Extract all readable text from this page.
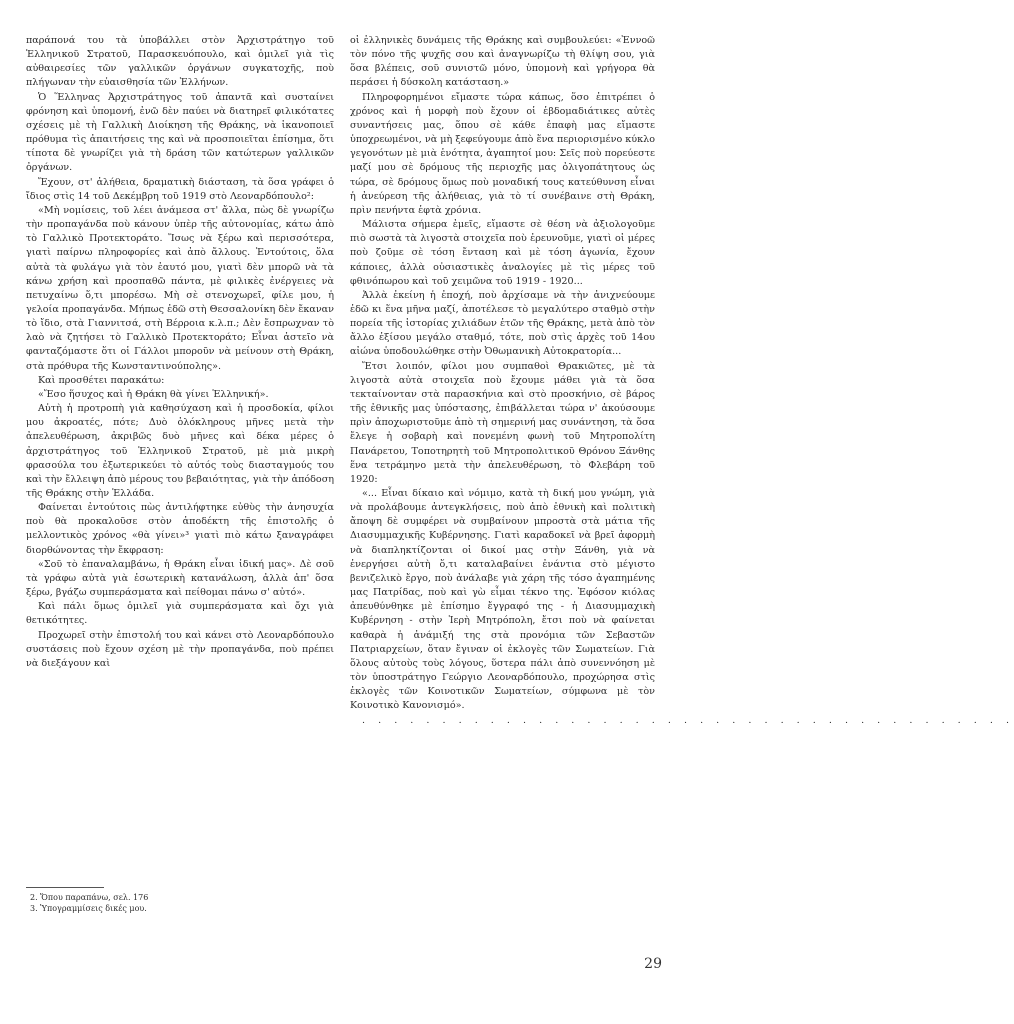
παράπονά του τὰ ὑποβάλλει στὸν Ἀρχιστράτηγο τοῦ Ἑλληνικοῦ Στρατοῦ, Παρασκευόπουλο, καὶ ὁμιλεῖ γιὰ τὶς αὐθαιρεσίες τῶν γαλλικῶν ὀργάνων συγκατοχῆς, ποὺ πλήγωναν τὴν εὐαισθησία τῶν Ἑλλήνων.

Ὁ Ἕλληνας Ἀρχιστράτηγος τοῦ ἀπαντᾶ καὶ συσταίνει φρόνηση καὶ ὑπομονή, ἐνῶ δὲν παύει νὰ διατηρεῖ φιλικότατες σχέσεις μὲ τὴ Γαλλικὴ Διοίκηση τῆς Θράκης, νὰ ἱκανοποιεῖ πρόθυμα τὶς ἀπαιτήσεις της καὶ νὰ προσποιεῖται ἐπίσημα, ὅτι τίποτα δὲ γνωρίζει γιὰ τὴ δράση τῶν κατώτερων γαλλικῶν ὀργάνων.

Ἔχουν, στ' ἀλήθεια, δραματικὴ διάσταση, τὰ ὅσα γράφει ὁ ἴδιος στὶς 14 τοῦ Δεκέμβρη τοῦ 1919 στὸ Λεοναρδόπουλο²:

«Μὴ νομίσεις, τοῦ λέει ἀνάμεσα στ' ἄλλα, πὼς δὲ γνωρίζω τὴν προπαγάνδα ποὺ κάνουν ὑπὲρ τῆς αὐτονομίας, κάτω ἀπὸ τὸ Γαλλικὸ Προτεκτοράτο. Ἴσως νὰ ξέρω καὶ περισσότερα, γιατὶ παίρνω πληροφορίες καὶ ἀπὸ ἄλλους. Ἐντούτοις, ὅλα αὐτὰ τὰ φυλάγω γιὰ τὸν ἑαυτό μου, γιατὶ δὲν μπορῶ νὰ τὰ κάνω χρήση καὶ προσπαθῶ πάντα, μὲ φιλικὲς ἐνέργειες νὰ πετυχαίνω ὅ,τι μπορέσω. Μὴ σὲ στενοχωρεῖ, φίλε μου, ἡ γελοία προπαγάνδα. Μήπως ἐδῶ στὴ Θεσσαλονίκη δὲν ἔκαναν τὸ ἴδιο, στὰ Γιαννιτσά, στὴ Βέρροια κ.λ.π.; Δὲν ἔσπρωχναν τὸ λαὸ νὰ ζητήσει τὸ Γαλλικὸ Προτεκτοράτο; Εἶναι ἀστεῖο νὰ φανταζόμαστε ὅτι οἱ Γάλλοι μποροῦν νὰ μείνουν στὴ Θράκη, στὰ πρόθυρα τῆς Κωνσταντινούπολης».

Καὶ προσθέτει παρακάτω:

«Ἔσο ἥσυχος καὶ ἡ Θράκη θὰ γίνει Ἑλληνική».

Αὐτὴ ἡ προτροπὴ γιὰ καθησύχαση καὶ ἡ προσδοκία, φίλοι μου ἀκροατές, πότε; Δυὸ ὁλόκληρους μῆνες μετὰ τὴν ἀπελευθέρωση, ἀκριβῶς δυὸ μῆνες καὶ δέκα μέρες ὁ ἀρχιστράτηγος τοῦ Ἑλληνικοῦ Στρατοῦ, μὲ μιὰ μικρὴ φρασούλα του ἐξωτερικεύει τὸ αὐτός τοὺς διασταγμούς του καὶ τὴν ἔλλειψη ἀπὸ μέρους του βεβαιότητας, γιὰ τὴν ἀπόδοση τῆς Θράκης στὴν Ἑλλάδα.

Φαίνεται ἐντούτοις πὼς ἀντιλήφτηκε εὐθὺς τὴν ἀνησυχία ποὺ θὰ προκαλοῦσε στὸν ἀποδέκτη τῆς ἐπιστολῆς ὁ μελλοντικὸς χρόνος «θὰ γίνει»³ γιατὶ πιὸ κάτω ξαναγράφει διορθώνοντας τὴν ἔκφραση:

«Σοῦ τὸ ἐπαναλαμβάνω, ἡ Θράκη εἶναι ἰδική μας». Δὲ σοῦ τὰ γράφω αὐτὰ γιὰ ἐσωτερικὴ κατανάλωση, ἀλλὰ ἀπ' ὅσα ξέρω, βγάζω συμπεράσματα καὶ πείθομαι πάνω σ' αὐτό».

Καὶ πάλι ὅμως ὁμιλεῖ γιὰ συμπεράσματα καὶ ὄχι γιὰ θετικότητες.

Προχωρεῖ στὴν ἐπιστολή του καὶ κάνει στὸ Λεοναρδόπουλο συστάσεις ποὺ ἔχουν σχέση μὲ τὴν προπαγάνδα, ποὺ πρέπει νὰ διεξάγουν καὶ

οἱ ἑλληνικὲς δυνάμεις τῆς Θράκης καὶ συμβουλεύει: «Ἐννοῶ τὸν πόνο τῆς ψυχῆς σου καὶ ἀναγνωρίζω τὴ θλίψη σου, γιὰ ὅσα βλέπεις, σοῦ συνιστῶ μόνο, ὑπομονὴ καὶ γρήγορα θὰ περάσει ἡ δύσκολη κατάσταση.»

Πληροφορημένοι εἴμαστε τώρα κάπως, ὅσο ἐπιτρέπει ὁ χρόνος καὶ ἡ μορφὴ ποὺ ἔχουν οἱ ἑβδομαδιάτικες αὐτὲς συναντήσεις μας, ὅπου σὲ κάθε ἐπαφὴ μας εἴμαστε ὑποχρεωμένοι, νὰ μὴ ξεφεύγουμε ἀπὸ ἕνα περιορισμένο κύκλο γεγονότων μὲ μιὰ ἑνότητα, ἀγαπητοί μου: Σεῖς ποὺ πορεύεστε μαζί μου σὲ δρόμους τῆς περιοχῆς μας ὀλιγοπάτητους ὡς τώρα, σὲ δρόμους ὅμως ποὺ μοναδική τους κατεύθυνση εἶναι ἡ ἀνεύρεση τῆς ἀλήθειας, γιὰ τὸ τί συνέβαινε στὴ Θράκη, πρὶν πενήντα ἑφτὰ χρόνια.

Μάλιστα σήμερα ἐμεῖς, εἴμαστε σὲ θέση νὰ ἀξιολογοῦμε πιὸ σωστὰ τὰ λιγοστὰ στοιχεῖα ποὺ ἐρευνοῦμε, γιατὶ οἱ μέρες ποὺ ζοῦμε σὲ τόση ἔνταση καὶ μὲ τόση ἀγωνία, ἔχουν κάποιες, ἀλλὰ οὐσιαστικὲς ἀναλογίες μὲ τὶς μέρες τοῦ φθινόπωρου καὶ τοῦ χειμῶνα τοῦ 1919 - 1920...

Ἀλλὰ ἐκείνη ἡ ἐποχή, ποὺ ἀρχίσαμε νὰ τὴν ἀνιχνεύουμε ἐδῶ κι ἕνα μῆνα μαζί, ἀποτέλεσε τὸ μεγαλύτερο σταθμὸ στὴν πορεία τῆς ἱστορίας χιλιάδων ἐτῶν τῆς Θράκης, μετὰ ἀπὸ τὸν ἄλλο ἐξίσου μεγάλο σταθμό, τότε, ποὺ στὶς ἀρχὲς τοῦ 14ου αἰώνα ὑποδουλώθηκε στὴν Ὀθωμανικὴ Αὐτοκρατορία...

Ἔτσι λοιπόν, φίλοι μου συμπαθοὶ Θρακιῶτες, μὲ τὰ λιγοστὰ αὐτὰ στοιχεῖα ποὺ ἔχουμε μάθει γιὰ τὰ ὅσα τεκταίνονταν στὰ παρασκήνια καὶ στὸ προσκήνιο, σὲ βάρος τῆς ἐθνικῆς μας ὑπόστασης, ἐπιβάλλεται τώρα ν' ἀκούσουμε πρὶν ἀποχωριστοῦμε ἀπὸ τὴ σημερινή μας συνάντηση, τὰ ὅσα ἔλεγε ἡ σοβαρὴ καὶ πονεμένη φωνὴ τοῦ Μητροπολίτη Πανάρετου, Τοποτηρητὴ τοῦ Μητροπολιτικοῦ Θρόνου Ξάνθης ἕνα τετράμηνο μετὰ τὴν ἀπελευθέρωση, τὸ Φλεβάρη τοῦ 1920:

«... Εἶναι δίκαιο καὶ νόμιμο, κατὰ τὴ δική μου γνώμη, γιὰ νὰ προλάβουμε ἀντεγκλήσεις, ποὺ ἀπὸ ἐθνικὴ καὶ πολιτικὴ ἄποψη δὲ συμφέρει νὰ συμβαίνουν μπροστὰ στὰ μάτια τῆς Διασυμμαχικῆς Κυβέρνησης. Γιατὶ καραδοκεῖ νὰ βρεῖ ἀφορμὴ νὰ διαπληκτίζονται οἱ δικοί μας στὴν Ξάνθη, γιὰ νὰ ἐνεργήσει αὐτὴ ὅ,τι καταλαβαίνει ἐνάντια στὸ μέγιστο βενιζελικὸ ἔργο, ποὺ ἀνάλαβε γιὰ χάρη τῆς τόσο ἀγαπημένης μας Πατρίδας, ποὺ καὶ γὼ εἶμαι τέκνο της. Ἐφόσον κιόλας ἀπευθύνθηκε μὲ ἐπίσημο ἔγγραφό της - ἡ Διασυμμαχικὴ Κυβέρνηση - στὴν Ἱερὴ Μητρόπολη, ἔτσι ποὺ νὰ φαίνεται καθαρὰ ἡ ἀνάμιξή της στὰ προνόμια τῶν Σεβαστῶν Πατριαρχείων, ὅταν ἔγιναν οἱ ἐκλογὲς τῶν Σωματείων. Γιὰ ὅλους αὐτοὺς τοὺς λόγους, ὕστερα πάλι ἀπὸ συνεννόηση μὲ τὸν ὑποστράτηγο Γεώργιο Λεοναρδόπουλο, προχώρησα στὶς ἐκλογὲς τῶν Κοινοτικῶν Σωματείων, σύμφωνα μὲ τὸν Κοινοτικὸ Κανονισμό».

. . . . . . . . . . . . . . . . . . . . . . . . . . . . . . . . . . . . . . . . .

2. Ὅπου παραπάνω, σελ. 176
3. Ὑπογραμμίσεις δικές μου.
29
